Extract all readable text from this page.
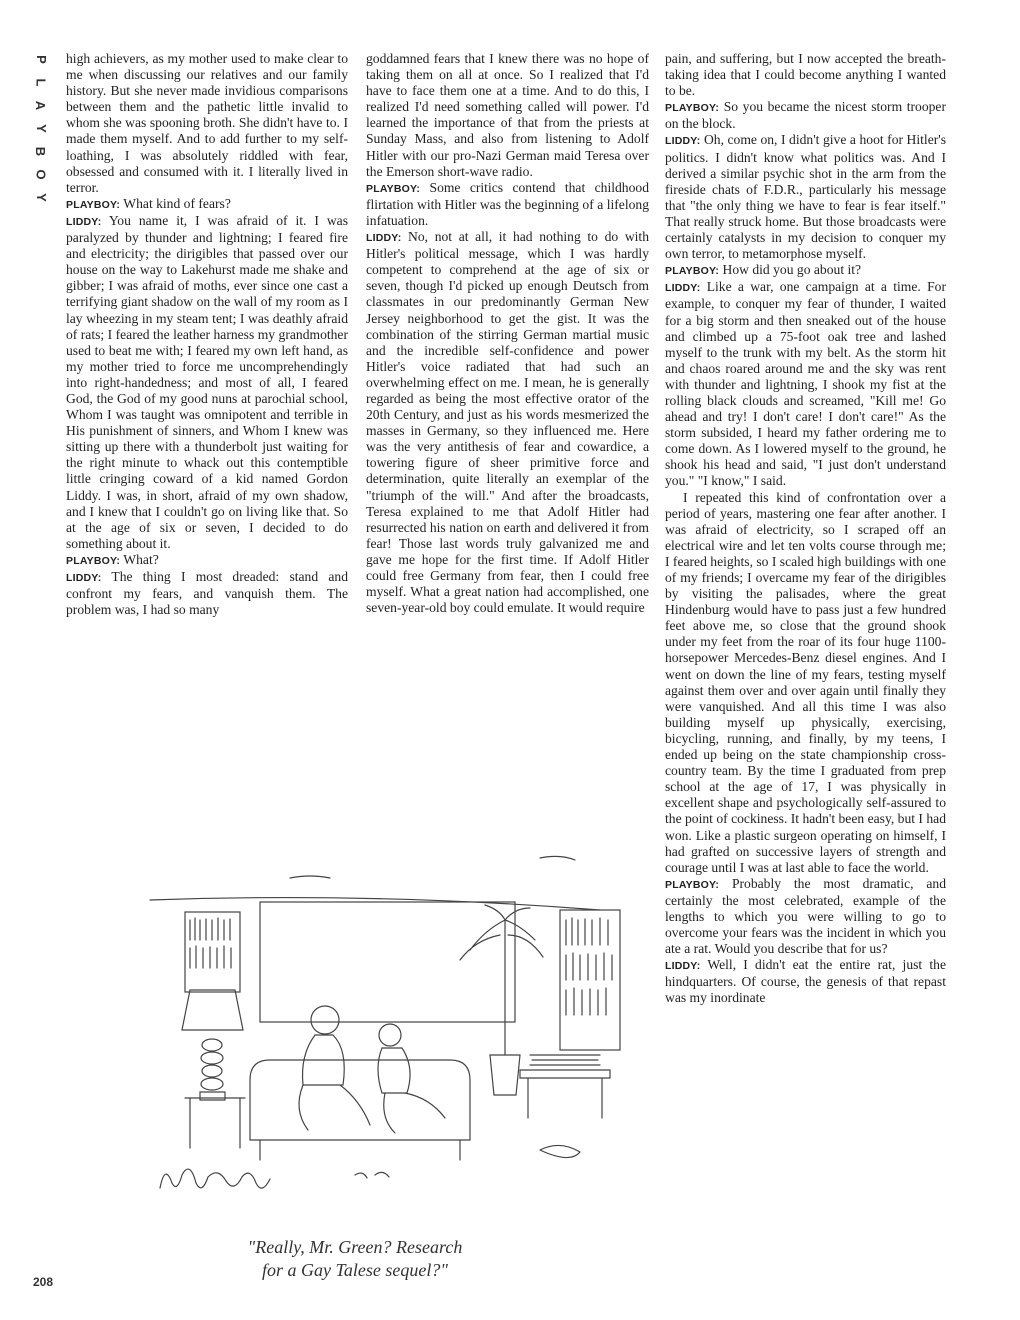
P
L
A
Y
B
O
Y

high achievers, as my mother used to make clear to me when discussing our relatives and our family history. But she never made invidious comparisons between them and the pathetic little invalid to whom she was spooning broth. She didn't have to. I made them myself. And to add further to my self-loathing, I was absolutely riddled with fear, obsessed and consumed with it. I literally lived in terror.

PLAYBOY: What kind of fears?

LIDDY: You name it, I was afraid of it. I was paralyzed by thunder and lightning; I feared fire and electricity; the dirigibles that passed over our house on the way to Lakehurst made me shake and gibber; I was afraid of moths, ever since one cast a terrifying giant shadow on the wall of my room as I lay wheezing in my steam tent; I was deathly afraid of rats; I feared the leather harness my grandmother used to beat me with; I feared my own left hand, as my mother tried to force me uncomprehendingly into right-handedness; and most of all, I feared God, the God of my good nuns at parochial school, Whom I was taught was omnipotent and terrible in His punishment of sinners, and Whom I knew was sitting up there with a thunderbolt just waiting for the right minute to whack out this contemptible little cringing coward of a kid named Gordon Liddy. I was, in short, afraid of my own shadow, and I knew that I couldn't go on living like that. So at the age of six or seven, I decided to do something about it.

PLAYBOY: What?

LIDDY: The thing I most dreaded: stand and confront my fears, and vanquish them. The problem was, I had so many

goddamned fears that I knew there was no hope of taking them on all at once. So I realized that I'd have to face them one at a time. And to do this, I realized I'd need something called will power. I'd learned the importance of that from the priests at Sunday Mass, and also from listening to Adolf Hitler with our pro-Nazi German maid Teresa over the Emerson short-wave radio.

PLAYBOY: Some critics contend that childhood flirtation with Hitler was the beginning of a lifelong infatuation.

LIDDY: No, not at all, it had nothing to do with Hitler's political message, which I was hardly competent to comprehend at the age of six or seven, though I'd picked up enough Deutsch from classmates in our predominantly German New Jersey neighborhood to get the gist. It was the combination of the stirring German martial music and the incredible self-confidence and power Hitler's voice radiated that had such an overwhelming effect on me. I mean, he is generally regarded as being the most effective orator of the 20th Century, and just as his words mesmerized the masses in Germany, so they influenced me. Here was the very antithesis of fear and cowardice, a towering figure of sheer primitive force and determination, quite literally an exemplar of the "triumph of the will." And after the broadcasts, Teresa explained to me that Adolf Hitler had resurrected his nation on earth and delivered it from fear! Those last words truly galvanized me and gave me hope for the first time. If Adolf Hitler could free Germany from fear, then I could free myself. What a great nation had accomplished, one seven-year-old boy could emulate. It would require

pain, and suffering, but I now accepted the breath-taking idea that I could become anything I wanted to be.

PLAYBOY: So you became the nicest storm trooper on the block.

LIDDY: Oh, come on, I didn't give a hoot for Hitler's politics. I didn't know what politics was. And I derived a similar psychic shot in the arm from the fireside chats of F.D.R., particularly his message that "the only thing we have to fear is fear itself." That really struck home. But those broadcasts were certainly catalysts in my decision to conquer my own terror, to metamorphose myself.

PLAYBOY: How did you go about it?

LIDDY: Like a war, one campaign at a time. For example, to conquer my fear of thunder, I waited for a big storm and then sneaked out of the house and climbed up a 75-foot oak tree and lashed myself to the trunk with my belt. As the storm hit and chaos roared around me and the sky was rent with thunder and lightning, I shook my fist at the rolling black clouds and screamed, "Kill me! Go ahead and try! I don't care! I don't care!" As the storm subsided, I heard my father ordering me to come down. As I lowered myself to the ground, he shook his head and said, "I just don't understand you." "I know," I said.

I repeated this kind of confrontation over a period of years, mastering one fear after another. I was afraid of electricity, so I scraped off an electrical wire and let ten volts course through me; I feared heights, so I scaled high buildings with one of my friends; I overcame my fear of the dirigibles by visiting the palisades, where the great Hindenburg would have to pass just a few hundred feet above me, so close that the ground shook under my feet from the roar of its four huge 1100-horsepower Mercedes-Benz diesel engines. And I went on down the line of my fears, testing myself against them over and over again until finally they were vanquished. And all this time I was also building myself up physically, exercising, bicycling, running, and finally, by my teens, I ended up being on the state championship cross-country team. By the time I graduated from prep school at the age of 17, I was physically in excellent shape and psychologically self-assured to the point of cockiness. It hadn't been easy, but I had won. Like a plastic surgeon operating on himself, I had grafted on successive layers of strength and courage until I was at last able to face the world.

PLAYBOY: Probably the most dramatic, and certainly the most celebrated, example of the lengths to which you were willing to go to overcome your fears was the incident in which you ate a rat. Would you describe that for us?

LIDDY: Well, I didn't eat the entire rat, just the hindquarters. Of course, the genesis of that repast was my inordinate

"Really, Mr. Green? Research
for a Gay Talese sequel?"
208
